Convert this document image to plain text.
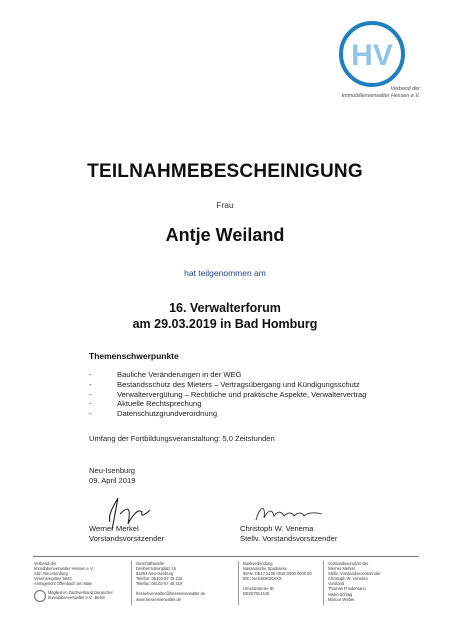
HV
Verband der
Immobilienverwalter Hessen e.V.
TEILNAHMEBESCHEINIGUNG
Frau
Antje Weiland
hat teilgenommen am
16. Verwalterforum
am 29.03.2019 in Bad Homburg
Themenschwerpunkte
-	Bauliche Veränderungen in der WEG
-	Bestandsschutz des Mieters – Vertragsübergang und Kündigungsschutz
-	Verwaltervergütung – Rechtliche und praktische Aspekte, Verwaltervertrag
-	Aktuelle Rechtsprechung
-	Datenschutzgrundverordnung
Umfang der Fortbildungsveranstaltung: 5,0 Zeitstunden
Neu-Isenburg
09. April 2019
Werner Merkel
Vorstandsvorsitzender
Christoph W. Venema
Stellv. Vorstandsvorsitzender
Verband der
Immobilienverwalter Hessen e.V.
Sitz: Neu-Isenburg
Vereinsregister 5643
Amtsgericht Offenbach am Main
Geschäftsstelle:
Dreiherrnsteinplatz 16
63263 Neu-Isenburg
Telefon: 06102-57 45 216
Telefax: 06102-57 45 219
hessenverwalter@hessenverwalter.de
www.hessenverwalter.de
Bankverbindung
Nassauische Sparkasse
IBAN: DE17 5105 0015 0000 0000 00
BIC: NASSDE55XXX
Umsatzsteuer-ID
DE257814440
Vorstandsvorsitzender
Werner Merkel
Stellv. Vorstandsvorsitzender
Christoph W. Venema
Vorstand
Thomas Friedemann
Heiko Schlag
Marcus Weber
Mitglied im Dachverband Deutscher
Immobilienverwalter e.V., Berlin
